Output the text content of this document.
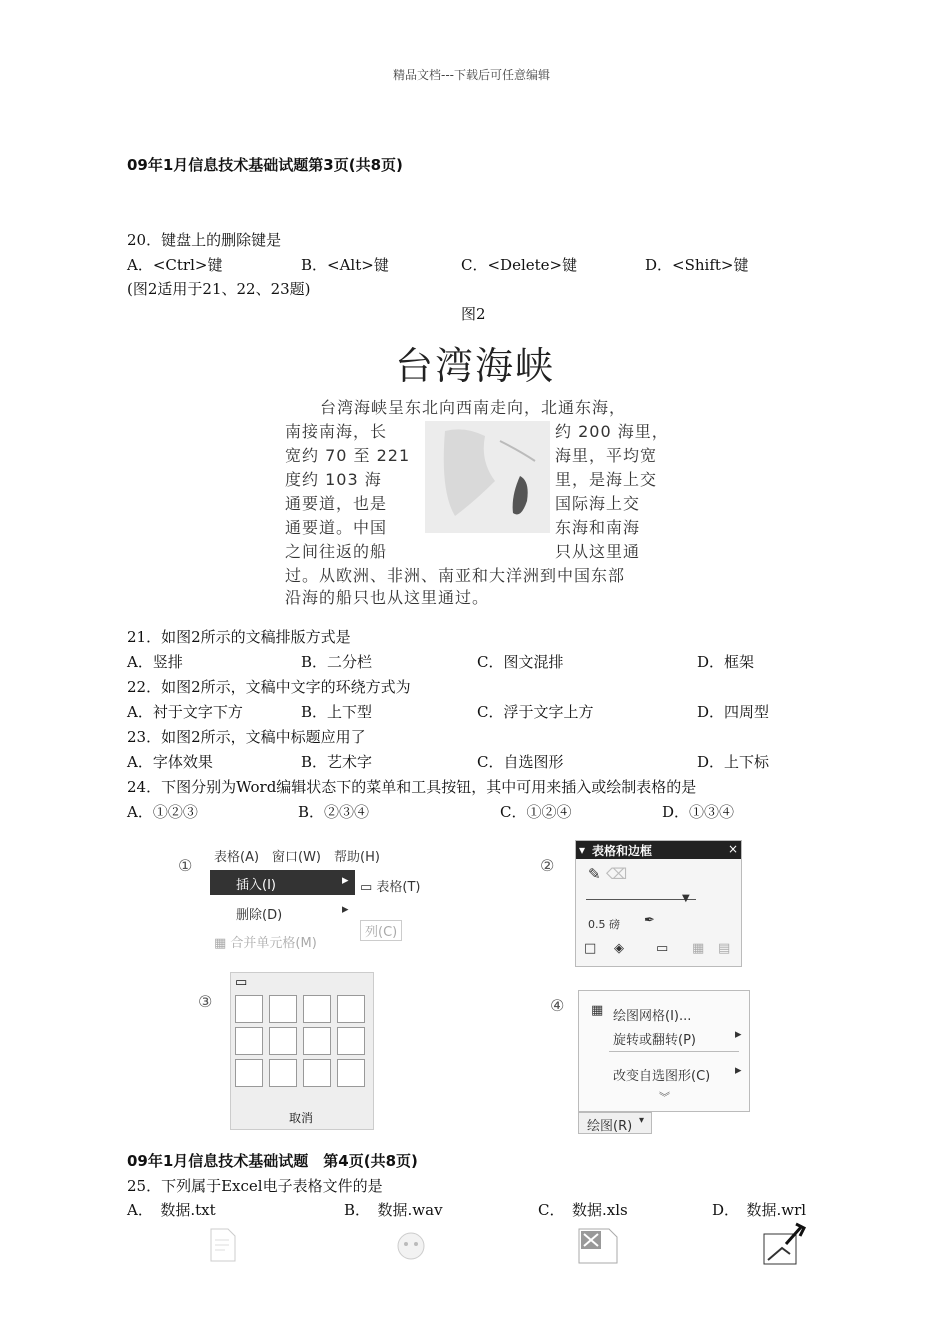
精品文档---下载后可任意编辑
09年1月信息技术基础试题第3页(共8页)
20．键盘上的删除键是
A．<Ctrl>键	B．<Alt>键	C．<Delete>键	D．<Shift>键
(图2适用于21、22、23题)
图2
台湾海峡
台湾海峡呈东北向西南走向，北通东海，
南接南海，长	约 200 海里，
宽约 70 至 221	海里，平均宽
度约 103 海	里，是海上交
通要道，也是	国际海上交
通要道。中国	东海和南海
之间往返的船	只从这里通
过。从欧洲、非洲、南亚和大洋洲到中国东部
沿海的船只也从这里通过。
21．如图2所示的文稿排版方式是
A．竖排	B．二分栏	C．图文混排	D．框架
22．如图2所示，文稿中文字的环绕方式为
A．衬于文字下方	B．上下型	C．浮于文字上方	D．四周型
23．如图2所示，文稿中标题应用了
A．字体效果	B．艺术字	C．自选图形	D．上下标
24．下图分别为Word编辑状态下的菜单和工具按钮，其中可用来插入或绘制表格的是
A．①②③	B．②③④	C．①②④	D．①③④
① 表格(A) 窗口(W) 帮助(H)
插入(I)	▸ ▭ 表格(T)
删除(D)	▸
列(C)
▦ 合并单元格(M)
②
▾ 表格和边框	×
✎ ⌫
▼
0.5 磅 ✒
□ ◈ ▭ ▦ ▤
③
▭
取消
④ ▦ 绘图网格(I)...
旋转或翻转(P)	▸
改变自选图形(C) ▸
︾
绘图(R) ▾
09年1月信息技术基础试题　第4页(共8页)
25．下列属于Excel电子表格文件的是
A．　数据.txt	B．　数据.wav	C．　数据.xls	D．　数据.wrl
